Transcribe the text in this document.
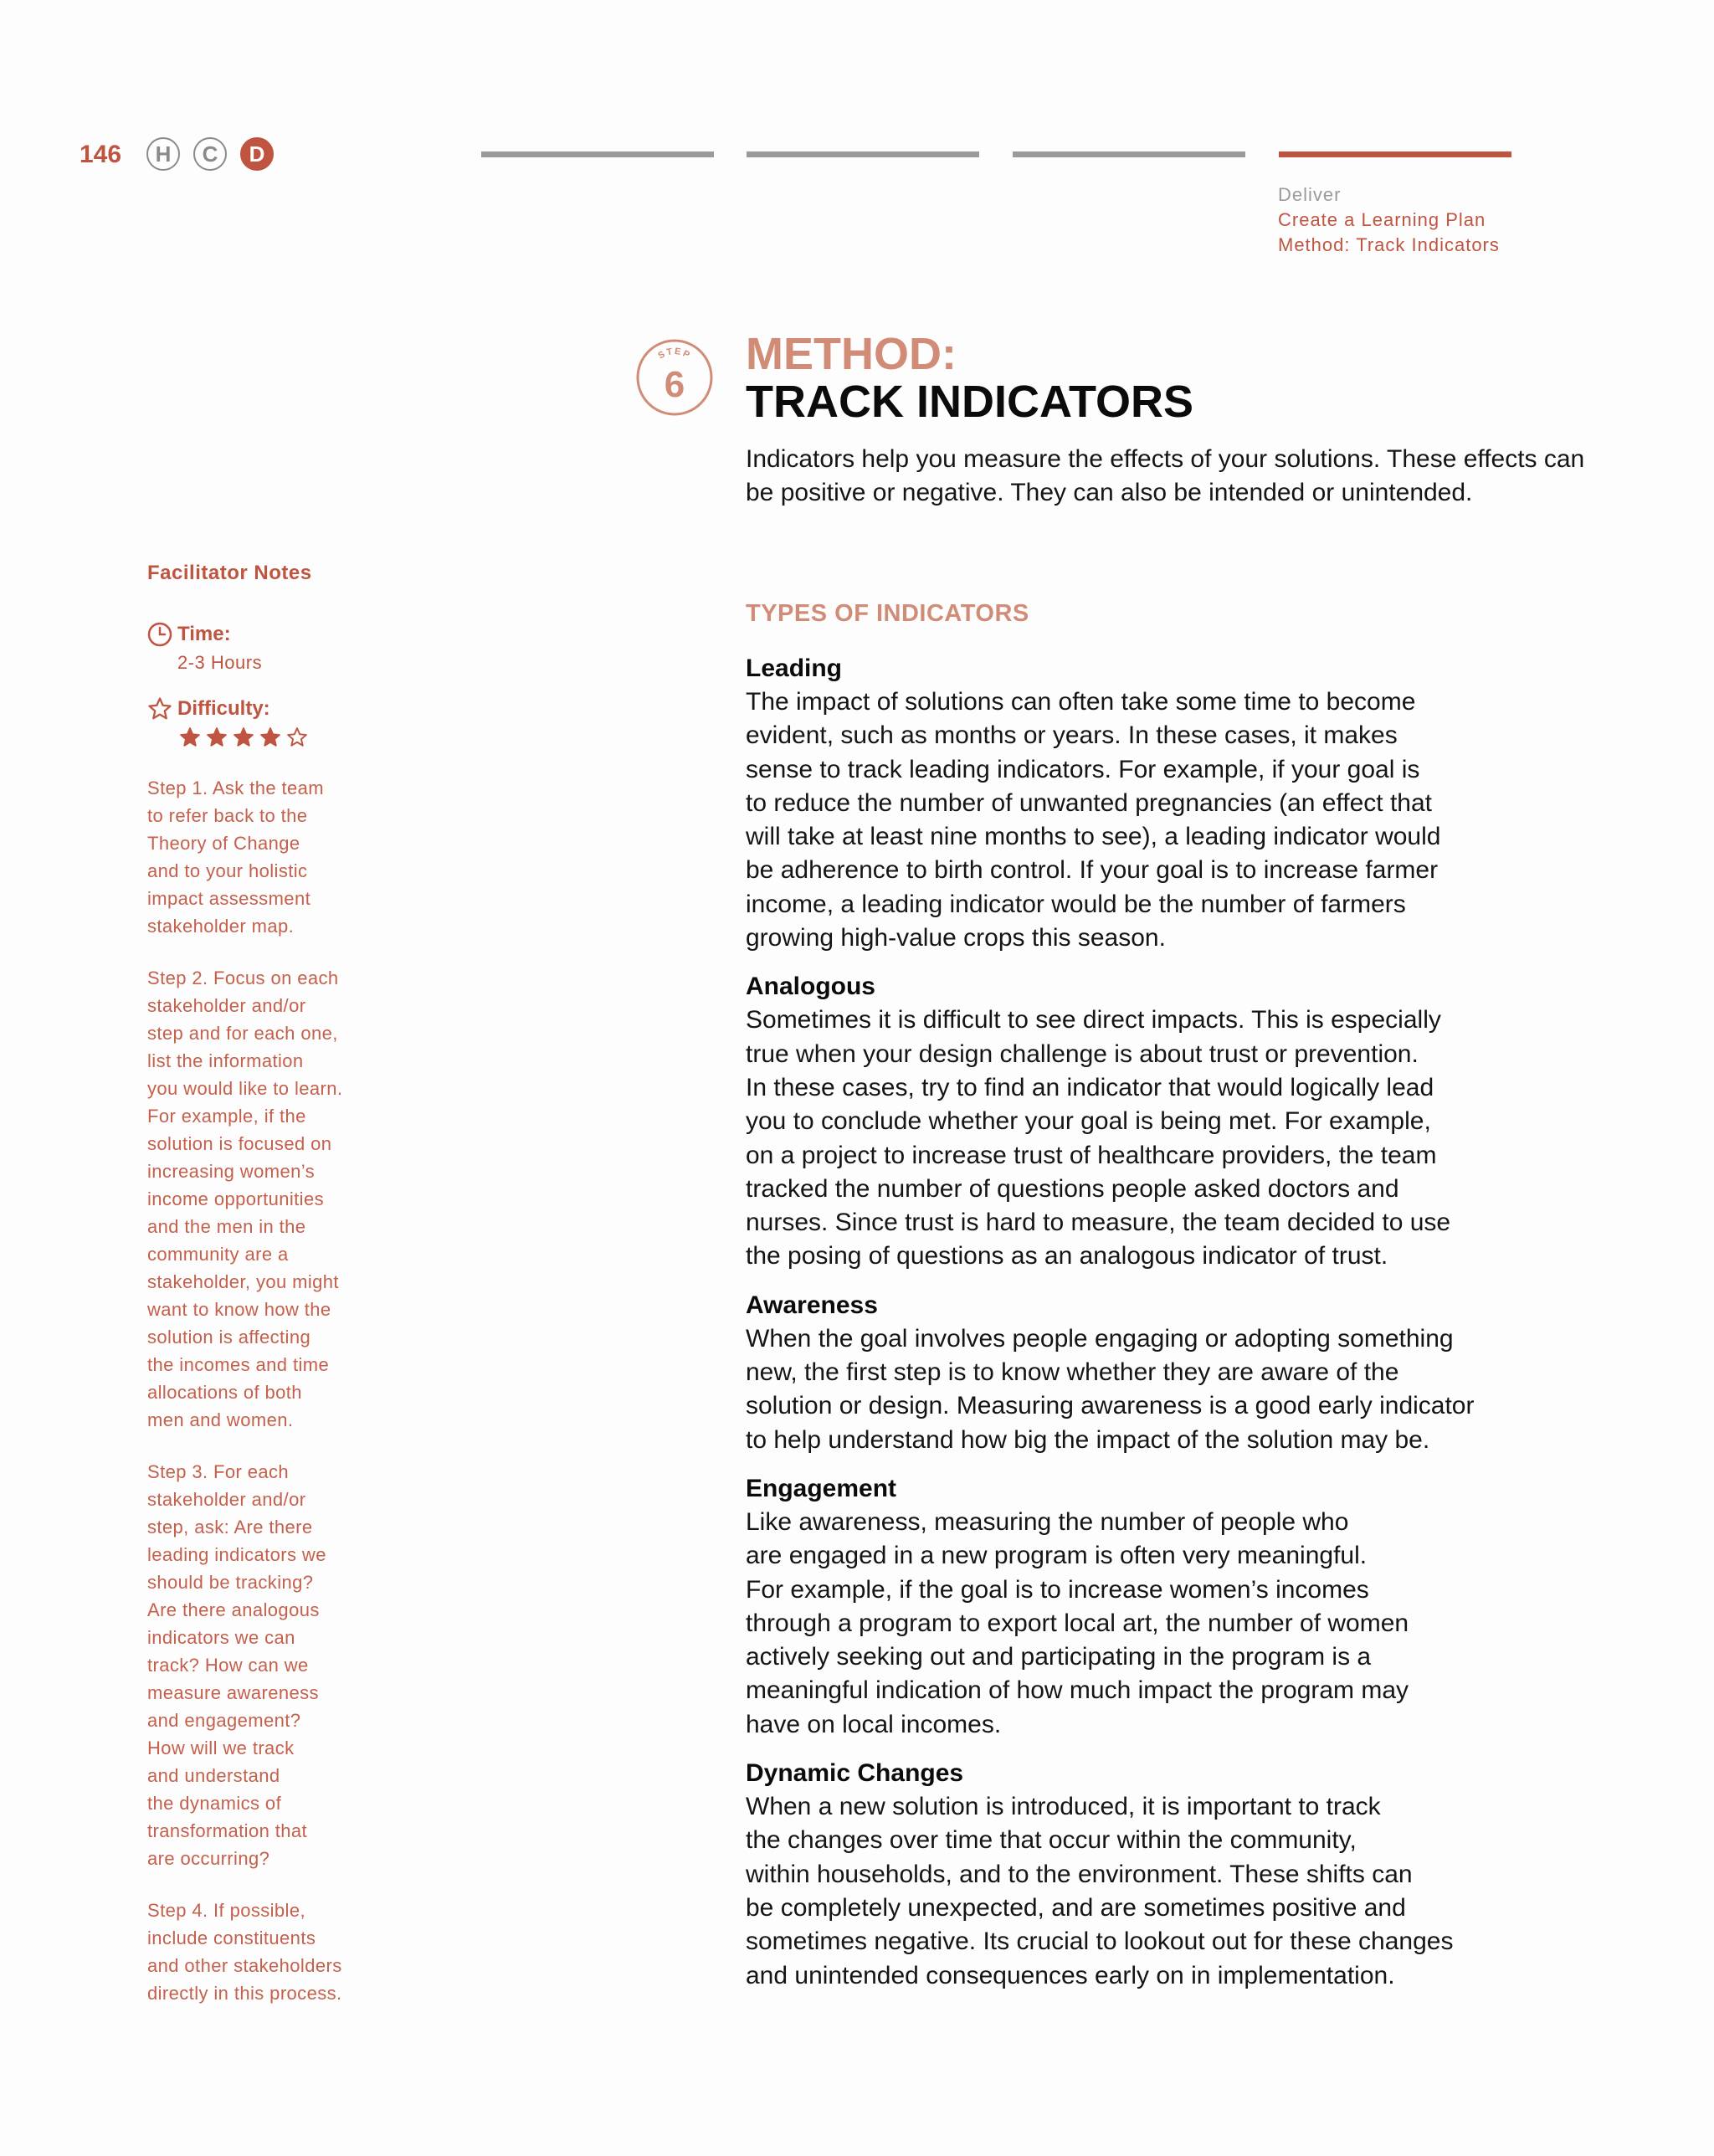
146	H	C	D
Deliver
Create a Learning Plan
Method: Track Indicators
STEP
6
METHOD:
TRACK INDICATORS
Indicators help you measure the effects of your solutions. These effects can be positive or negative. They can also be intended or unintended.
TYPES OF INDICATORS
Leading
The impact of solutions can often take some time to become
evident, such as months or years. In these cases, it makes
sense to track leading indicators. For example, if your goal is
to reduce the number of unwanted pregnancies (an effect that
will take at least nine months to see), a leading indicator would
be adherence to birth control. If your goal is to increase farmer
income, a leading indicator would be the number of farmers
growing high-value crops this season.
Analogous
Sometimes it is difficult to see direct impacts. This is especially
true when your design challenge is about trust or prevention.
In these cases, try to find an indicator that would logically lead
you to conclude whether your goal is being met. For example,
on a project to increase trust of healthcare providers, the team
tracked the number of questions people asked doctors and
nurses. Since trust is hard to measure, the team decided to use
the posing of questions as an analogous indicator of trust.
Awareness
When the goal involves people engaging or adopting something
new, the first step is to know whether they are aware of the
solution or design. Measuring awareness is a good early indicator
to help understand how big the impact of the solution may be.
Engagement
Like awareness, measuring the number of people who
are engaged in a new program is often very meaningful.
For example, if the goal is to increase women’s incomes
through a program to export local art, the number of women
actively seeking out and participating in the program is a
meaningful indication of how much impact the program may
have on local incomes.
Dynamic Changes
When a new solution is introduced, it is important to track
the changes over time that occur within the community,
within households, and to the environment. These shifts can
be completely unexpected, and are sometimes positive and
sometimes negative. Its crucial to lookout out for these changes
and unintended consequences early on in implementation.
Facilitator Notes
Time:
2-3 Hours
Difficulty:
Step 1. Ask the team
to refer back to the
Theory of Change
and to your holistic
impact assessment
stakeholder map.
Step 2. Focus on each
stakeholder and/or
step and for each one,
list the information
you would like to learn.
For example, if the
solution is focused on
increasing women’s
income opportunities
and the men in the
community are a
stakeholder, you might
want to know how the
solution is affecting
the incomes and time
allocations of both
men and women.
Step 3. For each
stakeholder and/or
step, ask: Are there
leading indicators we
should be tracking?
Are there analogous
indicators we can
track? How can we
measure awareness
and engagement?
How will we track
and understand
the dynamics of
transformation that
are occurring?
Step 4. If possible,
include constituents
and other stakeholders
directly in this process.
